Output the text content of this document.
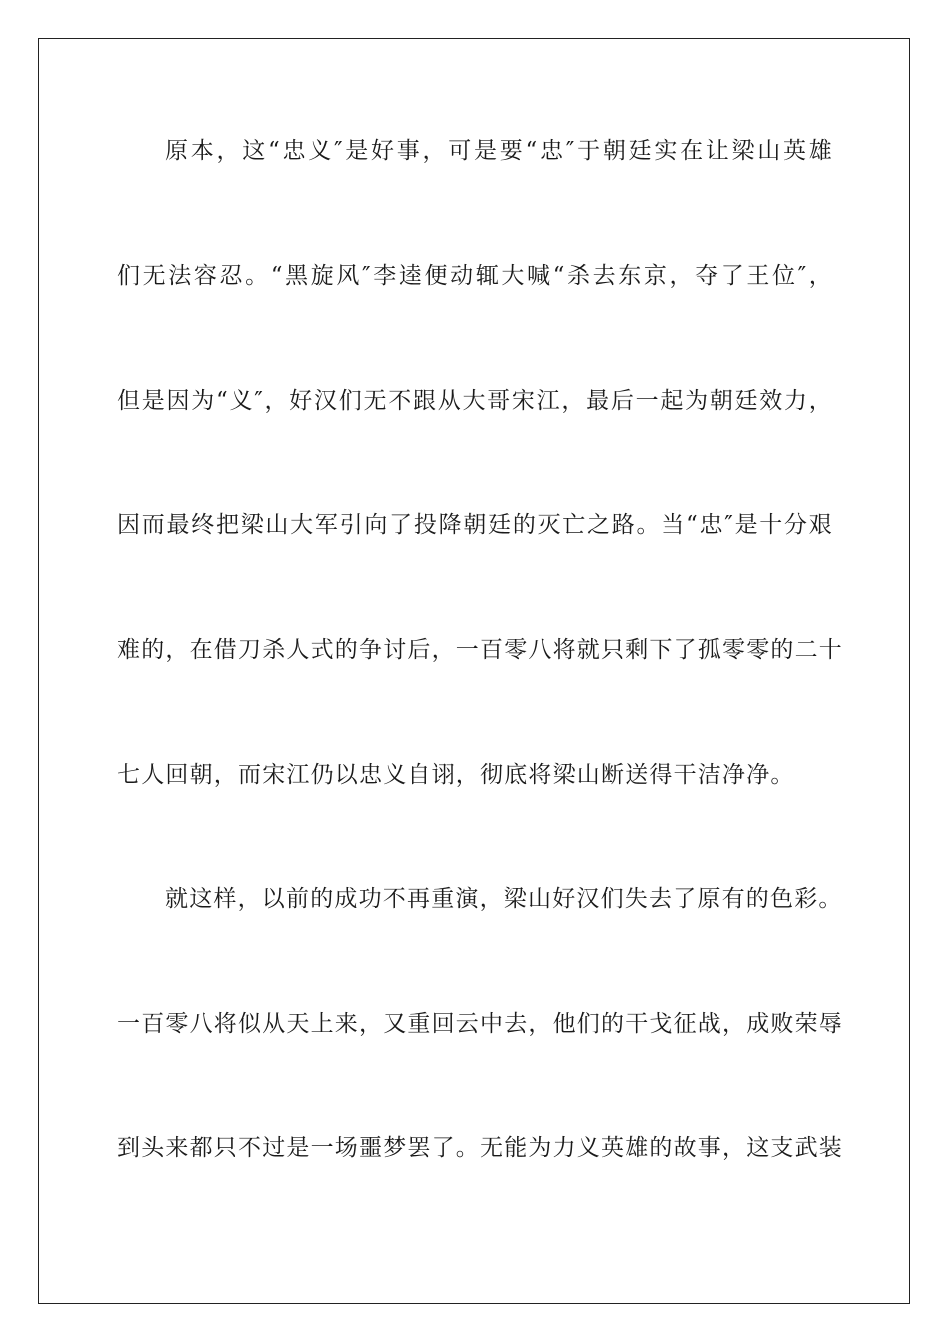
原本，这“忠义″是好事，可是要“忠″于朝廷实在让梁山英雄
们无法容忍。“黑旋风″李逵便动辄大喊“杀去东京，夺了王位″，
但是因为“义″，好汉们无不跟从大哥宋江，最后一起为朝廷效力，
因而最终把梁山大军引向了投降朝廷的灭亡之路。当“忠″是十分艰
难的，在借刀杀人式的争讨后，一百零八将就只剩下了孤零零的二十
七人回朝，而宋江仍以忠义自诩，彻底将梁山断送得干洁净净。
就这样，以前的成功不再重演，梁山好汉们失去了原有的色彩。
一百零八将似从天上来，又重回云中去，他们的干戈征战，成败荣辱
到头来都只不过是一场噩梦罢了。无能为力义英雄的故事，这支武装
